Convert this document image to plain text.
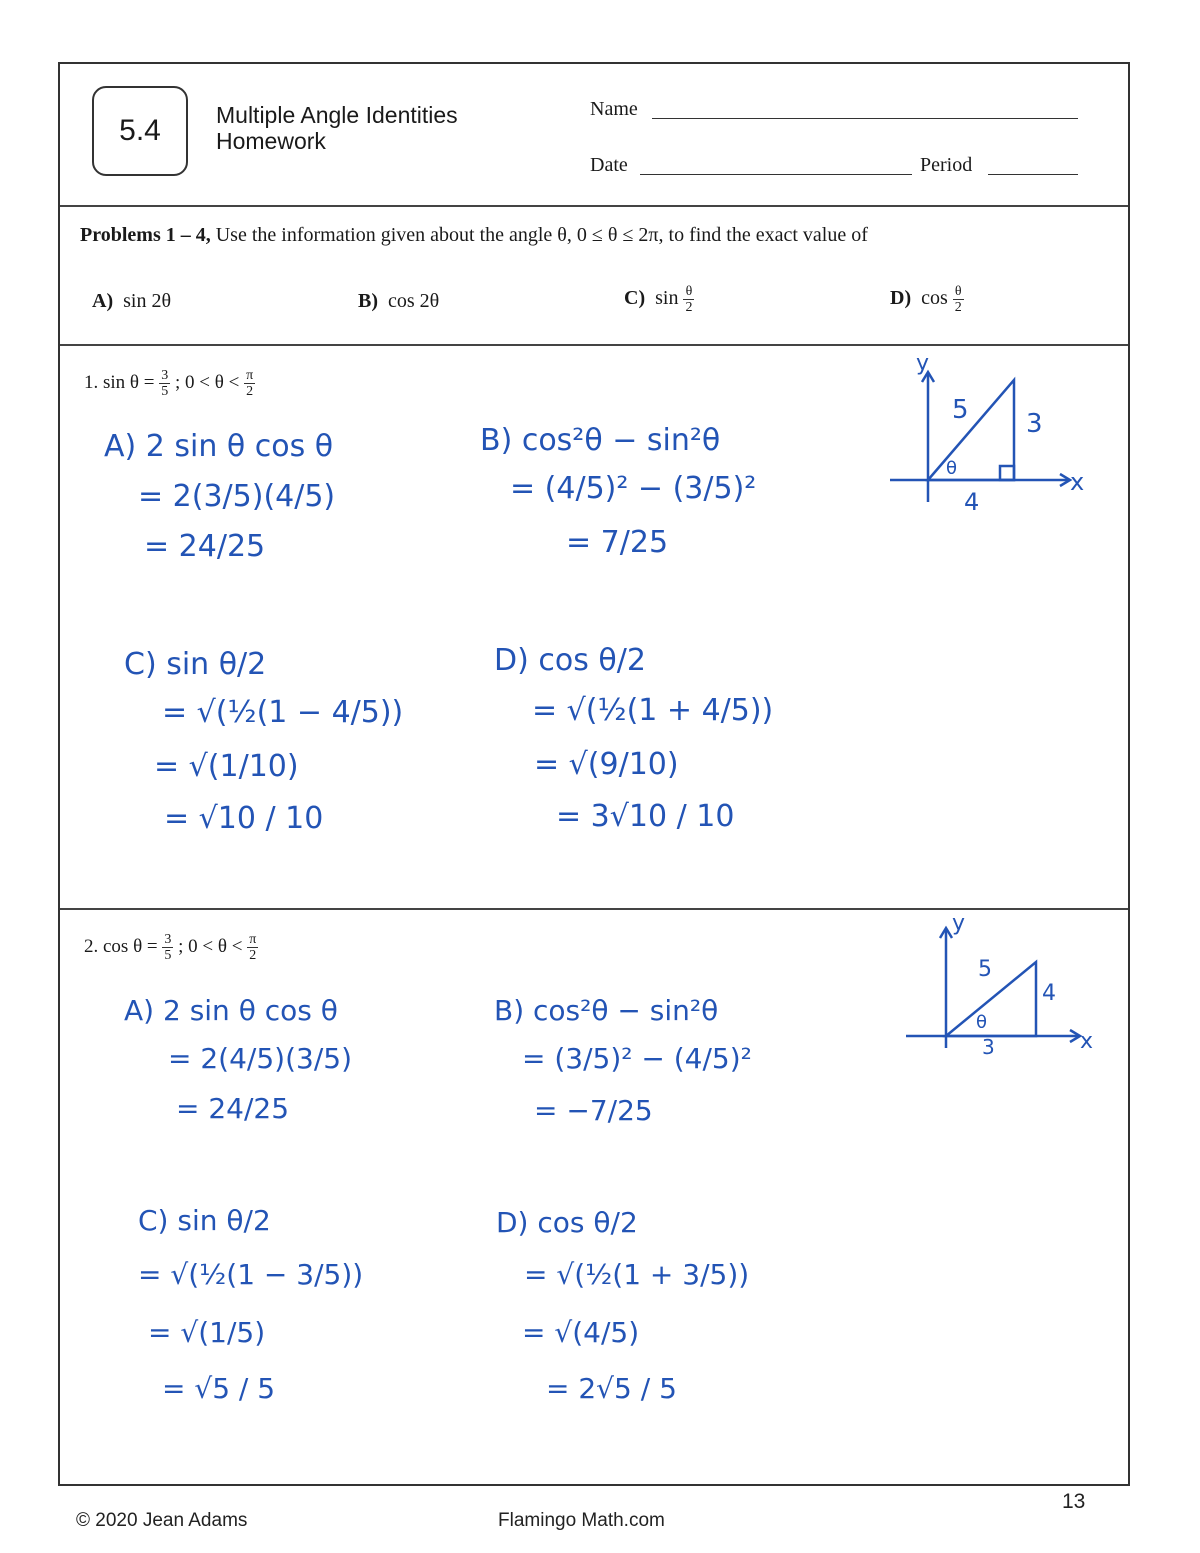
5.4 Multiple Angle Identities
Homework
Name
Date	Period
Problems 1 – 4, Use the information given about the angle θ, 0 ≤ θ ≤ 2π, to find the exact value of
A) sin 2θ	B) cos 2θ	C) $\sin \frac{\theta}{2}$	D) $\cos \frac{\theta}{2}$
1. $\sin \theta = \frac{3}{5}$ ; $0 < \theta < \frac{\pi}{2}$
A) 2 sin θ cos θ
= 2(3/5)(4/5)
= 24/25
B) cos²θ − sin²θ
= (4/5)² − (3/5)²
= 7/25
C) sin θ/2
= √(½(1 − 4/5))
= √(1/10)
= √10 / 10
D) cos θ/2
= √(½(1 + 4/5))
= √(9/10)
= 3√10 / 10
5 3
4
θ	x
y
2. $\cos \theta = \frac{3}{5}$ ; $0 < \theta < \frac{\pi}{2}$
A) 2 sin θ cos θ
= 2(4/5)(3/5)
= 24/25
B) cos²θ − sin²θ
= (3/5)² − (4/5)²
= −7/25
C) sin θ/2
= √(½(1 − 3/5))
= √(1/5)
= √5 / 5
D) cos θ/2
= √(½(1 + 3/5))
= √(4/5)
= 2√5 / 5
5
4
3
θ
x
y
© 2020 Jean Adams	Flamingo Math.com
13
